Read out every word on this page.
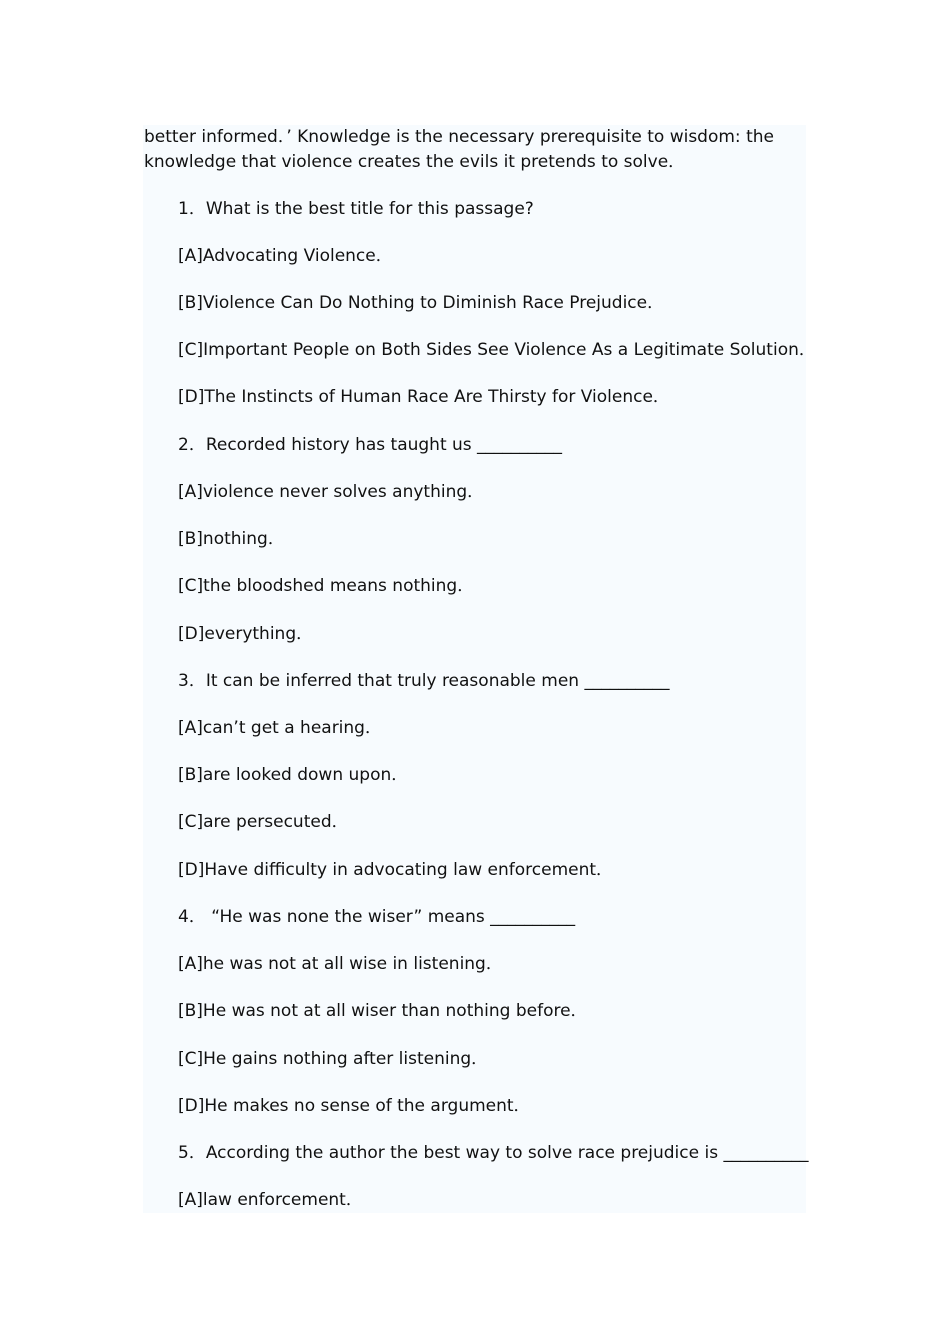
better informed．’ Knowledge is the necessary prerequisite to wisdom: the
knowledge that violence creates the evils it pretends to solve．

1．What is the best title for this passage?

[A]Advocating Violence．

[B]Violence Can Do Nothing to Diminish Race Prejudice．

[C]Important People on Both Sides See Violence As a Legitimate Solution．

[D]The Instincts of Human Race Are Thirsty for Violence．

2．Recorded history has taught us __________

[A]violence never solves anything．

[B]nothing．

[C]the bloodshed means nothing．

[D]everything．

3．It can be inferred that truly reasonable men __________

[A]can’t get a hearing．

[B]are looked down upon．

[C]are persecuted．

[D]Have difficulty in advocating law enforcement．

4． “He was none the wiser” means __________

[A]he was not at all wise in listening．

[B]He was not at all wiser than nothing before．

[C]He gains nothing after listening．

[D]He makes no sense of the argument．

5．According the author the best way to solve race prejudice is __________

[A]law enforcement．
